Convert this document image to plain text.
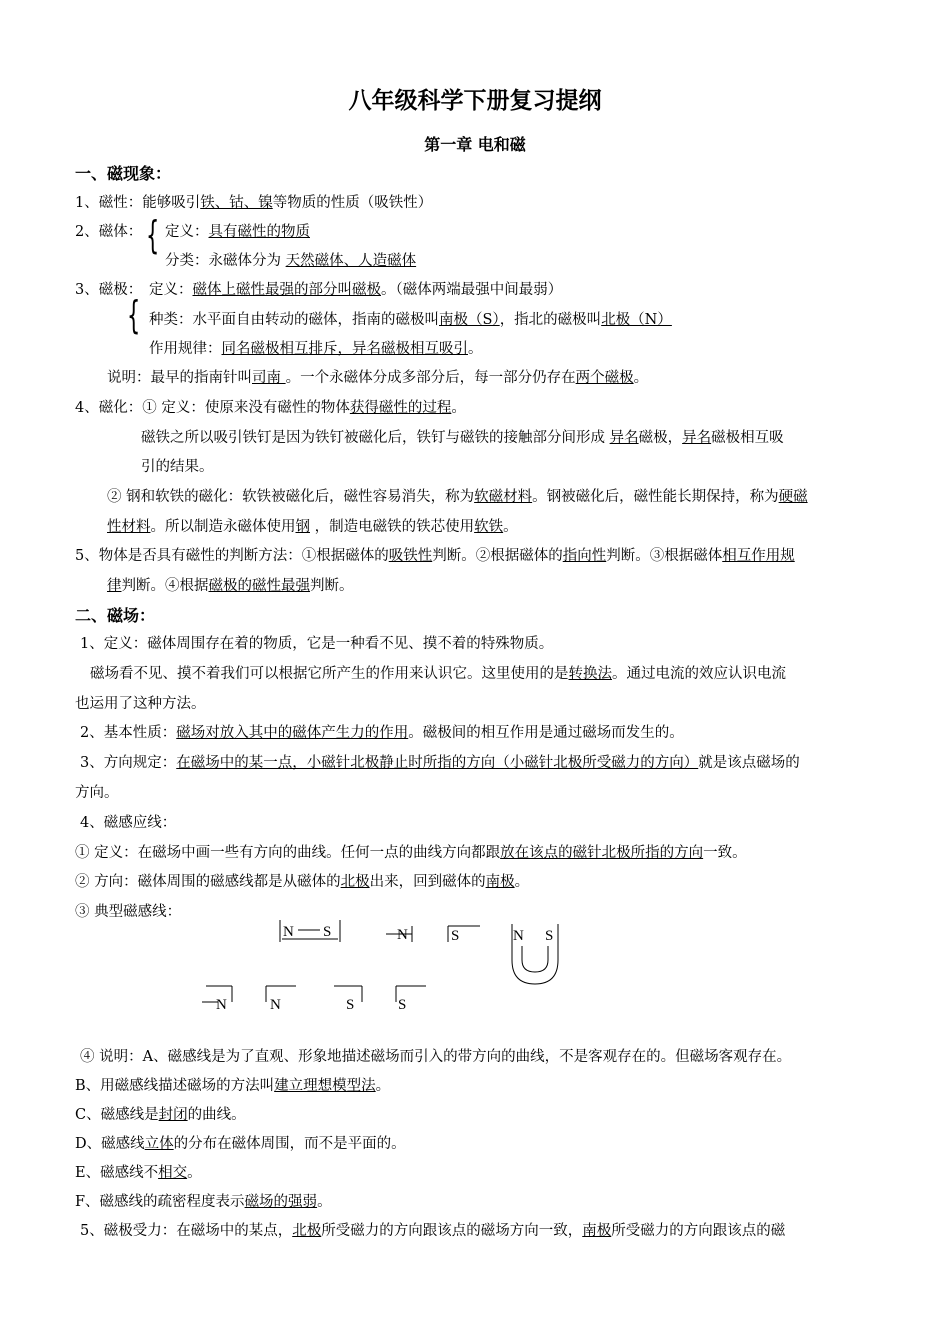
八年级科学下册复习提纲
第一章 电和磁
一、磁现象：
1、磁性：能够吸引铁、钴、镍等物质的性质（吸铁性）
2、磁体： { 定义：具有磁性的物质
分类：永磁体分为 天然磁体、人造磁体
3、磁极：
{
定义：磁体上磁性最强的部分叫磁极。（磁体两端最强中间最弱）
种类：水平面自由转动的磁体，指南的磁极叫南极（S），指北的磁极叫北极（N）
作用规律：同名磁极相互排斥，异名磁极相互吸引。
说明：最早的指南针叫司南 。一个永磁体分成多部分后，每一部分仍存在两个磁极。
4、磁化：① 定义：使原来没有磁性的物体获得磁性的过程。
磁铁之所以吸引铁钉是因为铁钉被磁化后，铁钉与磁铁的接触部分间形成 异名磁极，异名磁极相互吸
引的结果。
② 钢和软铁的磁化：软铁被磁化后，磁性容易消失，称为软磁材料。钢被磁化后，磁性能长期保持，称为硬磁
性材料。所以制造永磁体使用钢 ，制造电磁铁的铁芯使用软铁。
5、物体是否具有磁性的判断方法：①根据磁体的吸铁性判断。②根据磁体的指向性判断。③根据磁体相互作用规
律判断。④根据磁极的磁性最强判断。
二、磁场：
1、定义：磁体周围存在着的物质，它是一种看不见、摸不着的特殊物质。
磁场看不见、摸不着我们可以根据它所产生的作用来认识它。这里使用的是转换法。通过电流的效应认识电流
也运用了这种方法。
2、基本性质：磁场对放入其中的磁体产生力的作用。磁极间的相互作用是通过磁场而发生的。
3、方向规定：在磁场中的某一点，小磁针北极静止时所指的方向（小磁针北极所受磁力的方向）就是该点磁场的
方向。
4、磁感应线：
① 定义：在磁场中画一些有方向的曲线。任何一点的曲线方向都跟放在该点的磁针北极所指的方向一致。
② 方向：磁体周围的磁感线都是从磁体的北极出来，回到磁体的南极。
③ 典型磁感线：
N S	N	S	N S
N	N	S	S
④ 说明：A、磁感线是为了直观、形象地描述磁场而引入的带方向的曲线，不是客观存在的。但磁场客观存在。
B、用磁感线描述磁场的方法叫建立理想模型法。
C、磁感线是封闭的曲线。
D、磁感线立体的分布在磁体周围，而不是平面的。
E、磁感线不相交。
F、磁感线的疏密程度表示磁场的强弱。
5、磁极受力：在磁场中的某点，北极所受磁力的方向跟该点的磁场方向一致，南极所受磁力的方向跟该点的磁
